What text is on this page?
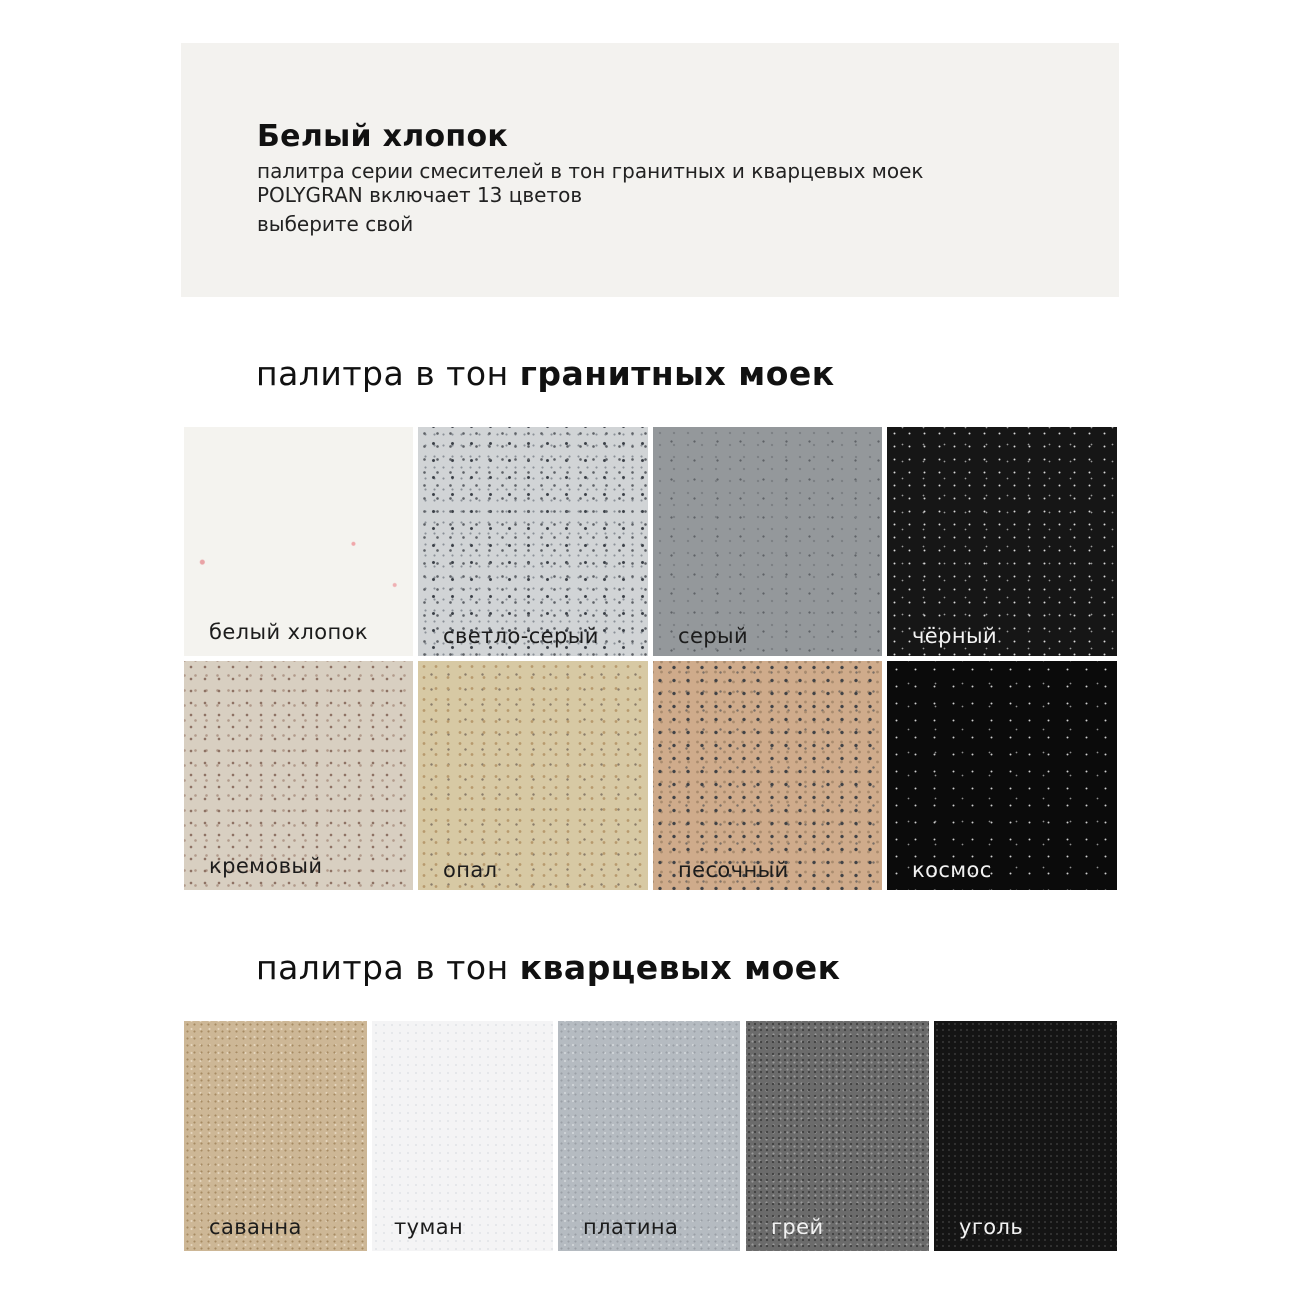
Белый хлопок

палитра серии смесителей в тон гранитных и кварцевых моек POLYGRAN включает 13 цветов

выберите свой

палитра в тон гранитных моек
белый хлопок	светло-серый	серый	чёрный
кремовый	опал	песочный	космос
палитра в тон кварцевых моек
саванна	туман	платина	грей	уголь
